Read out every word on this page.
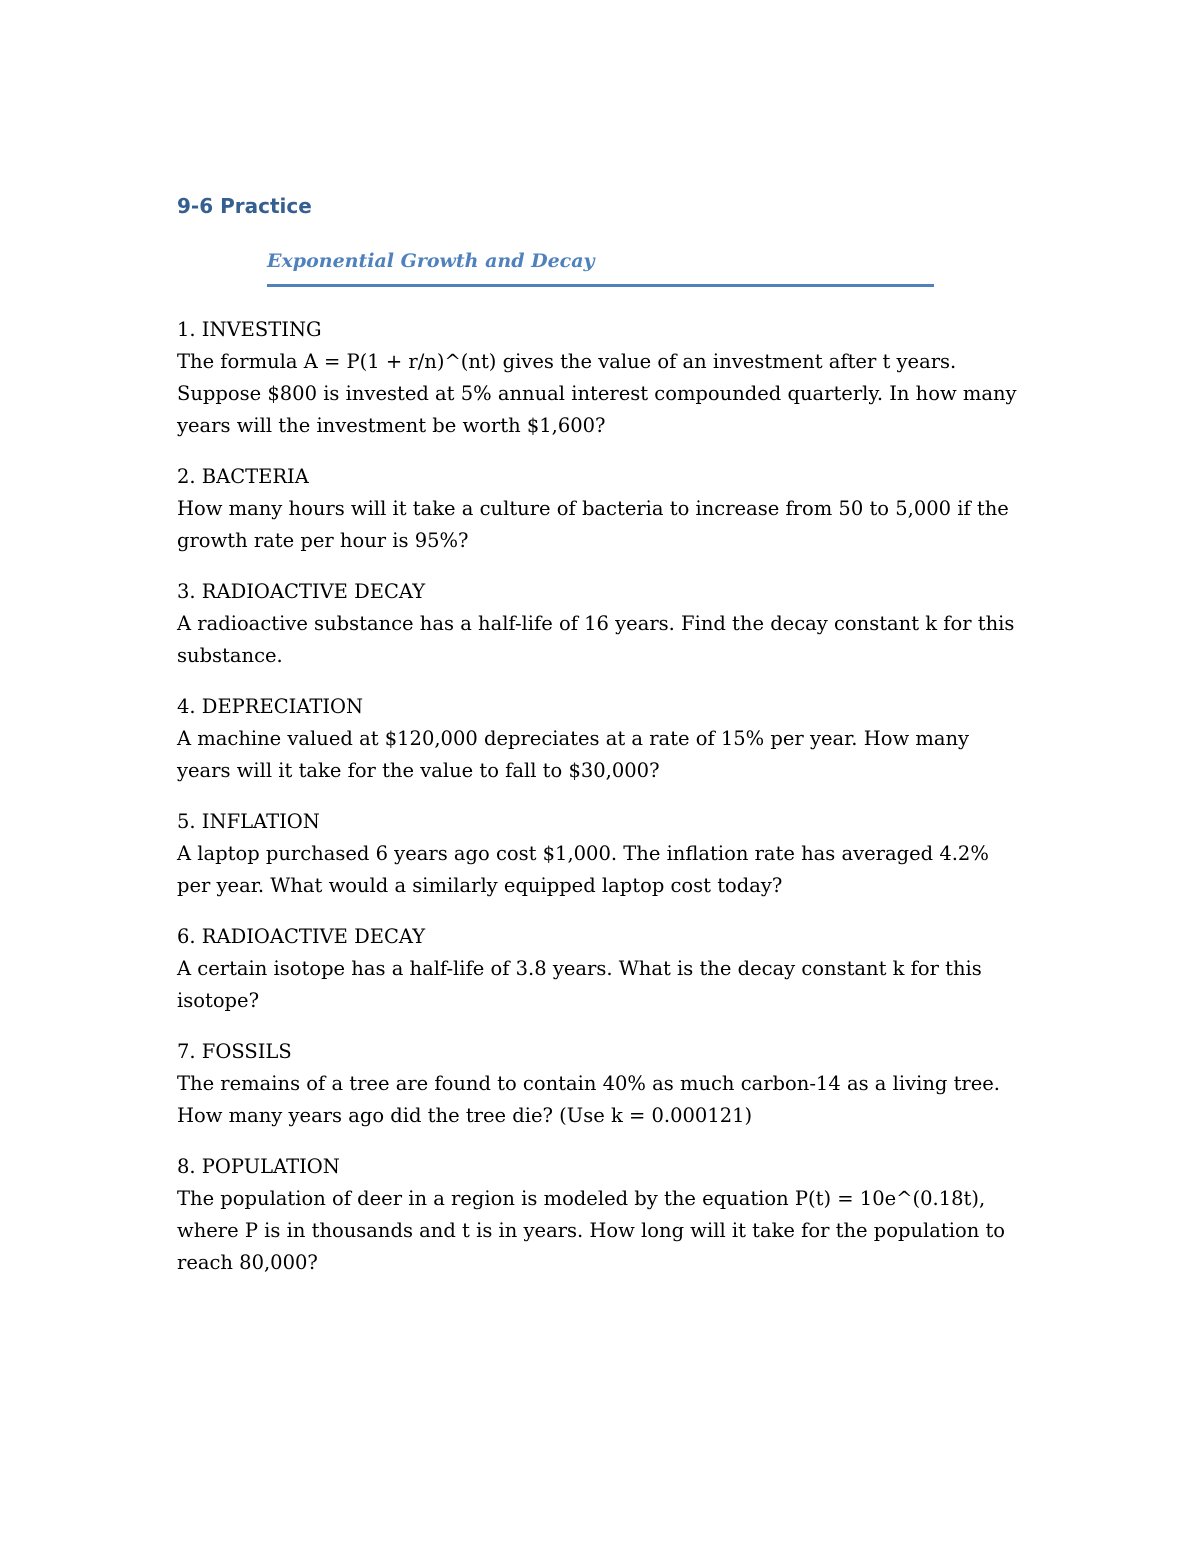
9-6 Practice
Exponential Growth and Decay
1. INVESTING
The formula A = P(1 + r/n)^(nt) gives the value of an investment after t years. Suppose $800 is invested at 5% annual interest compounded quarterly. In how many years will the investment be worth $1,600?
2. BACTERIA
How many hours will it take a culture of bacteria to increase from 50 to 5,000 if the growth rate per hour is 95%?
3. RADIOACTIVE DECAY
A radioactive substance has a half-life of 16 years. Find the decay constant k for this substance.
4. DEPRECIATION
A machine valued at $120,000 depreciates at a rate of 15% per year. How many years will it take for the value to fall to $30,000?
5. INFLATION
A laptop purchased 6 years ago cost $1,000. The inflation rate has averaged 4.2% per year. What would a similarly equipped laptop cost today?
6. RADIOACTIVE DECAY
A certain isotope has a half-life of 3.8 years. What is the decay constant k for this isotope?
7. FOSSILS
The remains of a tree are found to contain 40% as much carbon-14 as a living tree. How many years ago did the tree die? (Use k = 0.000121)
8. POPULATION
The population of deer in a region is modeled by the equation P(t) = 10e^(0.18t), where P is in thousands and t is in years. How long will it take for the population to reach 80,000?
